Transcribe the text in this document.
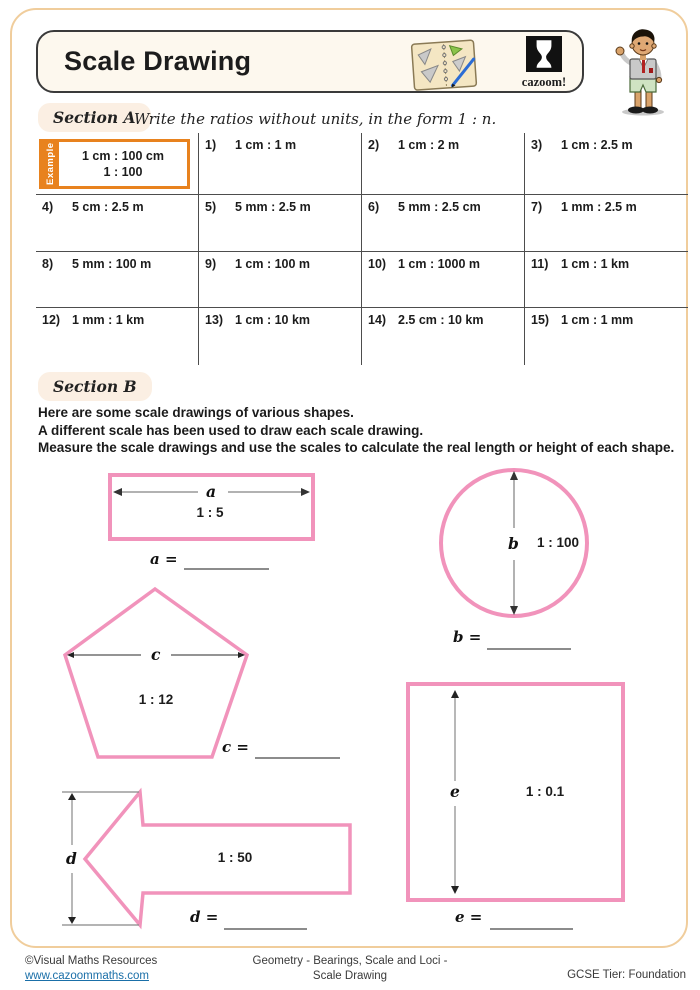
Scale Drawing
cazoom!
Section A
Write the ratios without units, in the form 1 : n.
Example 1 cm : 100 cm
1 : 100
1) 1 cm : 1 m	2) 1 cm : 2 m	3) 1 cm : 2.5 m
4) 5 cm : 2.5 m	5) 5 mm : 2.5 m	6) 5 mm : 2.5 cm	7) 1 mm : 2.5 m
8) 5 mm : 100 m	9) 1 cm : 100 m	10) 1 cm : 1000 m	11) 1 cm : 1 km
12) 1 mm : 1 km	13) 1 cm : 10 km	14) 2.5 cm : 10 km	15) 1 cm : 1 mm
Section B
Here are some scale drawings of various shapes.
A different scale has been used to draw each scale drawing.
Measure the scale drawings and use the scales to calculate the real length or height of each shape.
a
1 : 5
a =
b	1 : 100
b =
c
1 : 12
c =
d	1 : 50
d =
e	1 : 0.1
e =
©Visual Maths Resources
www.cazoommaths.com
Geometry - Bearings, Scale and Loci -
Scale Drawing	GCSE Tier: Foundation
